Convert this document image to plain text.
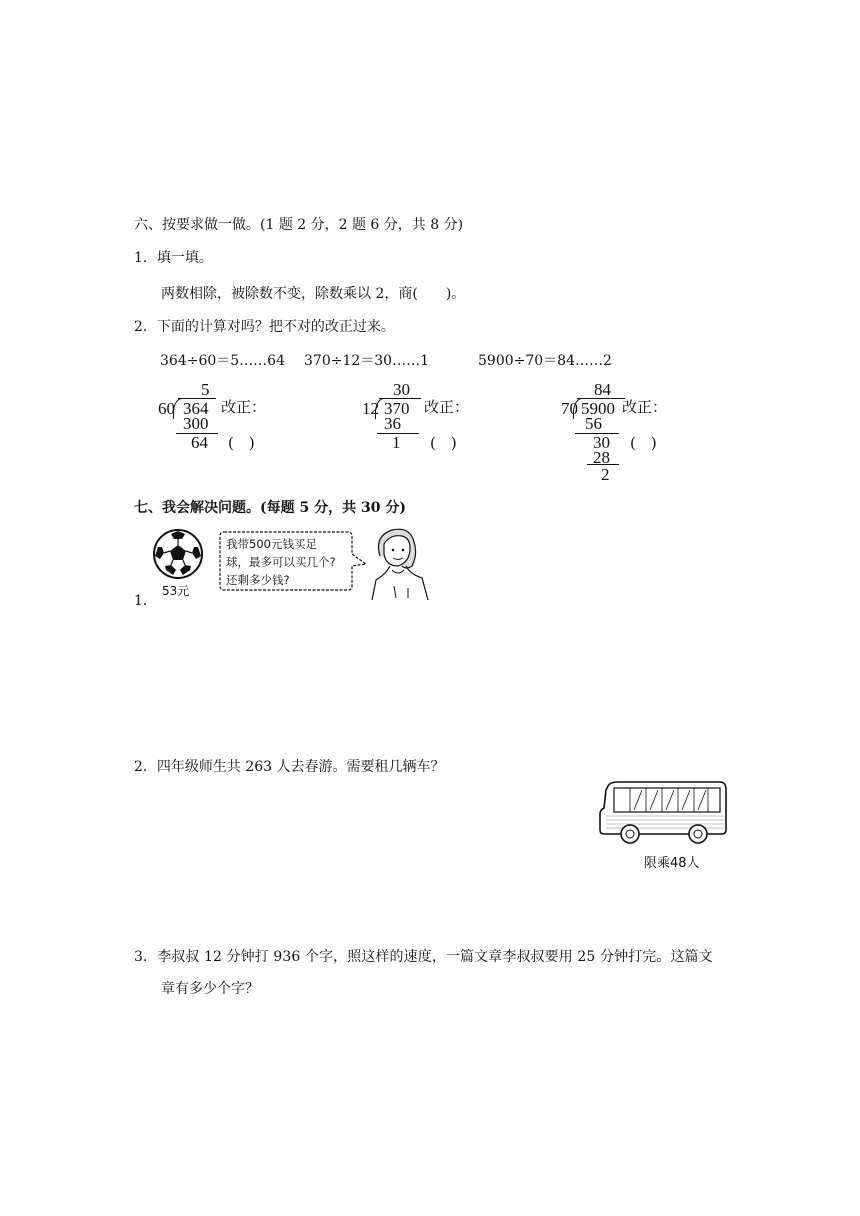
六、按要求做一做。(1 题 2 分，2 题 6 分，共 8 分)
1．填一填。
两数相除，被除数不变，除数乘以 2，商(　　)。
2．下面的计算对吗？把不对的改正过来。
364÷60＝5……64 370÷12＝30……1	5900÷70＝84……2
5
60 364
300
64
改正：
(　)
30
12 370
36
1
改正：
(　)
84
70 5900
56
30
28
2
改正：
(　)
七、我会解决问题。(每题 5 分，共 30 分)
1．
53元
我带500元钱买足
球，最多可以买几个?
还剩多少钱?
2．四年级师生共 263 人去春游。需要租几辆车？
限乘48人
3．李叔叔 12 分钟打 936 个字，照这样的速度，一篇文章李叔叔要用 25 分钟打完。这篇文
章有多少个字？
